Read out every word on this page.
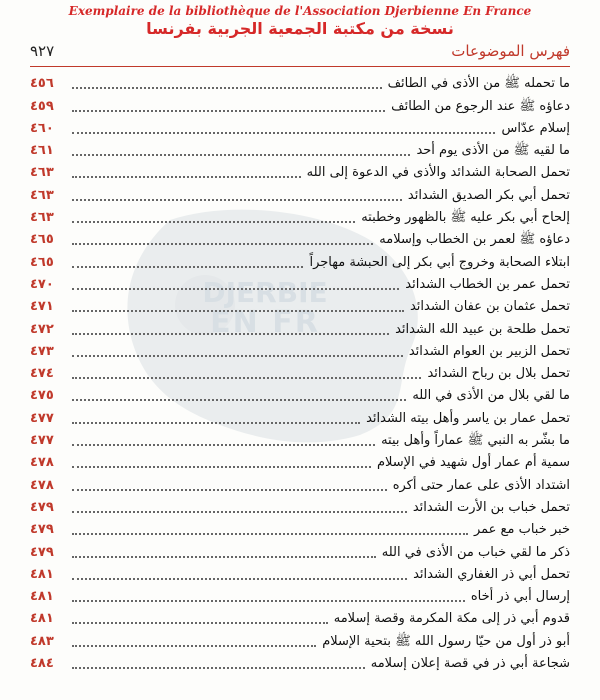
DJERBIE
EN FR
Exemplaire de la bibliothèque de l'Association Djerbienne En France
نسخة من مكتبة الجمعية الجربية بفرنسا
٩٢٧	فهرس الموضوعات
٤٥٦	ما تحمله ﷺ من الأذى في الطائف
٤٥٩	دعاؤه ﷺ عند الرجوع من الطائف
٤٦٠	إسلام عدّاس
٤٦١	ما لقيه ﷺ من الأذى يوم أحد
٤٦٣	تحمل الصحابة الشدائد والأذى في الدعوة إلى الله
٤٦٣	تحمل أبي بكر الصديق الشدائد
٤٦٣	إلحاح أبي بكر عليه ﷺ بالظهور وخطبته
٤٦٥	دعاؤه ﷺ لعمر بن الخطاب وإسلامه
٤٦٥	ابتلاء الصحابة وخروج أبي بكر إلى الحبشة مهاجراً
٤٧٠	تحمل عمر بن الخطاب الشدائد
٤٧١	تحمل عثمان بن عفان الشدائد
٤٧٢	تحمل طلحة بن عبيد الله الشدائد
٤٧٣	تحمل الزبير بن العوام الشدائد
٤٧٤	تحمل بلال بن رباح الشدائد
٤٧٥	ما لقي بلال من الأذى في الله
٤٧٧	تحمل عمار بن ياسر وأهل بيته الشدائد
٤٧٧	ما بشّر به النبي ﷺ عماراً وأهل بيته
٤٧٨	سمية أم عمار أول شهيد في الإسلام
٤٧٨	اشتداد الأذى على عمار حتى أكره
٤٧٩	تحمل خباب بن الأرت الشدائد
٤٧٩	خبر خباب مع عمر
٤٧٩	ذكر ما لقي خباب من الأذى في الله
٤٨١	تحمل أبي ذر الغفاري الشدائد
٤٨١	إرسال أبي ذر أخاه
٤٨١	قدوم أبي ذر إلى مكة المكرمة وقصة إسلامه
٤٨٣	أبو ذر أول من حيّا رسول الله ﷺ بتحية الإسلام
٤٨٤	شجاعة أبي ذر في قصة إعلان إسلامه
